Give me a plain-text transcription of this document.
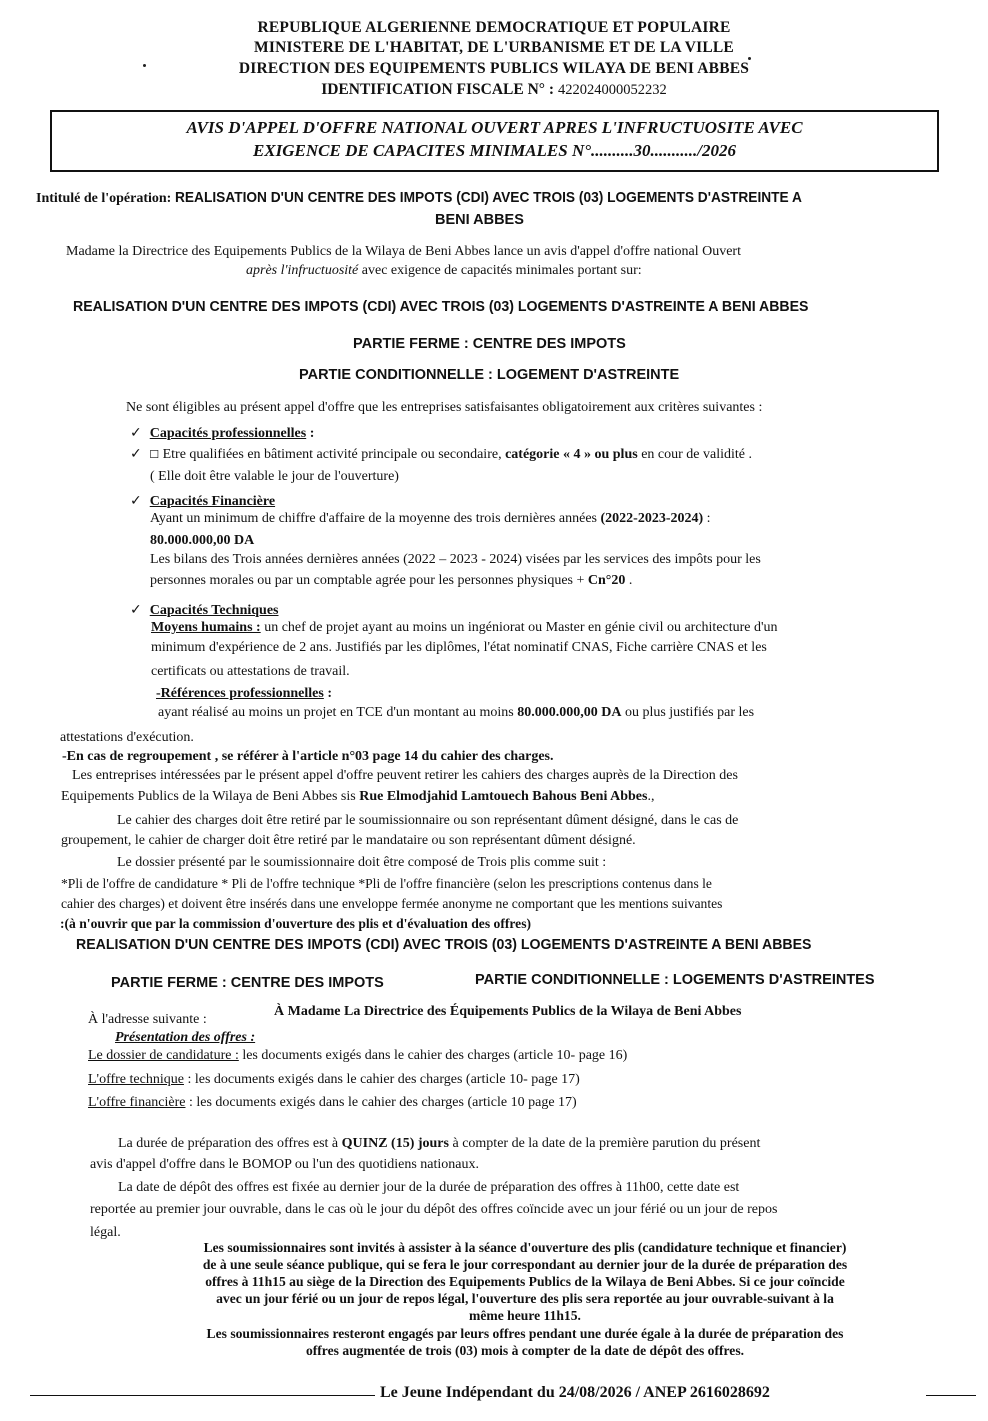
REPUBLIQUE ALGERIENNE DEMOCRATIQUE ET POPULAIRE
MINISTERE DE L'HABITAT, DE L'URBANISME ET DE LA VILLE
DIRECTION DES EQUIPEMENTS PUBLICS WILAYA DE BENI ABBES
IDENTIFICATION FISCALE N° : 422024000052232
AVIS D'APPEL D'OFFRE NATIONAL OUVERT APRES L'INFRUCTUOSITE AVEC
EXIGENCE DE CAPACITES MINIMALES N°..........30.........../2026
Intitulé de l'opération: REALISATION D'UN CENTRE DES IMPOTS (CDI) AVEC TROIS (03) LOGEMENTS D'ASTREINTE A
BENI ABBES
Madame la Directrice des Equipements Publics de la Wilaya de Beni Abbes lance un avis d'appel d'offre national Ouvert
après l'infructuosité avec exigence de capacités minimales portant sur:
REALISATION D'UN CENTRE DES IMPOTS (CDI) AVEC TROIS (03) LOGEMENTS D'ASTREINTE A BENI ABBES
PARTIE FERME : CENTRE DES IMPOTS
PARTIE CONDITIONNELLE : LOGEMENT D'ASTREINTE
Ne sont éligibles au présent appel d'offre que les entreprises satisfaisantes obligatoirement aux critères suivantes :
✓ Capacités professionnelles :
✓ ☐ Etre qualifiées en bâtiment activité principale ou secondaire, catégorie « 4 » ou plus en cour de validité .
( Elle doit être valable le jour de l'ouverture)
✓ Capacités Financière
Ayant un minimum de chiffre d'affaire de la moyenne des trois dernières années (2022-2023-2024) :
80.000.000,00 DA
Les bilans des Trois années dernières années (2022 – 2023 - 2024) visées par les services des impôts pour les
personnes morales ou par un comptable agrée pour les personnes physiques + Cn°20 .
✓ Capacités Techniques
Moyens humains : un chef de projet ayant au moins un ingéniorat ou Master en génie civil ou architecture d'un
minimum d'expérience de 2 ans. Justifiés par les diplômes, l'état nominatif CNAS, Fiche carrière CNAS et les
certificats ou attestations de travail.
-Références professionnelles :
ayant réalisé au moins un projet en TCE d'un montant au moins 80.000.000,00 DA ou plus justifiés par les
attestations d'exécution.
-En cas de regroupement , se référer à l'article n°03 page 14 du cahier des charges.
Les entreprises intéressées par le présent appel d'offre peuvent retirer les cahiers des charges auprès de la Direction des
Equipements Publics de la Wilaya de Beni Abbes sis Rue Elmodjahid Lamtouech Bahous Beni Abbes.,
Le cahier des charges doit être retiré par le soumissionnaire ou son représentant dûment désigné, dans le cas de
groupement, le cahier de charger doit être retiré par le mandataire ou son représentant dûment désigné.
Le dossier présenté par le soumissionnaire doit être composé de Trois plis comme suit :
*Pli de l'offre de candidature * Pli de l'offre technique *Pli de l'offre financière (selon les prescriptions contenus dans le
cahier des charges) et doivent être insérés dans une enveloppe fermée anonyme ne comportant que les mentions suivantes
:(à n'ouvrir que par la commission d'ouverture des plis et d'évaluation des offres)
REALISATION D'UN CENTRE DES IMPOTS (CDI) AVEC TROIS (03) LOGEMENTS D'ASTREINTE A BENI ABBES
PARTIE FERME : CENTRE DES IMPOTS	PARTIE CONDITIONNELLE : LOGEMENTS D'ASTREINTES
À l'adresse suivante :
À Madame La Directrice des Équipements Publics de la Wilaya de Beni Abbes
Présentation des offres :
Le dossier de candidature : les documents exigés dans le cahier des charges (article 10- page 16)
L'offre technique : les documents exigés dans le cahier des charges (article 10- page 17)
L'offre financière : les documents exigés dans le cahier des charges (article 10 page 17)
La durée de préparation des offres est à QUINZ (15) jours à compter de la date de la première parution du présent
avis d'appel d'offre dans le BOMOP ou l'un des quotidiens nationaux.
La date de dépôt des offres est fixée au dernier jour de la durée de préparation des offres à 11h00, cette date est
reportée au premier jour ouvrable, dans le cas où le jour du dépôt des offres coïncide avec un jour férié ou un jour de repos
légal.
Les soumissionnaires sont invités à assister à la séance d'ouverture des plis (candidature technique et financier)
de à une seule séance publique, qui se fera le jour correspondant au dernier jour de la durée de préparation des
offres à 11h15 au siège de la Direction des Equipements Publics de la Wilaya de Beni Abbes. Si ce jour coïncide
avec un jour férié ou un jour de repos légal, l'ouverture des plis sera reportée au jour ouvrable-suivant à la
même heure 11h15.
Les soumissionnaires resteront engagés par leurs offres pendant une durée égale à la durée de préparation des
offres augmentée de trois (03) mois à compter de la date de dépôt des offres.
Le Jeune Indépendant du 24/08/2026 / ANEP 2616028692
